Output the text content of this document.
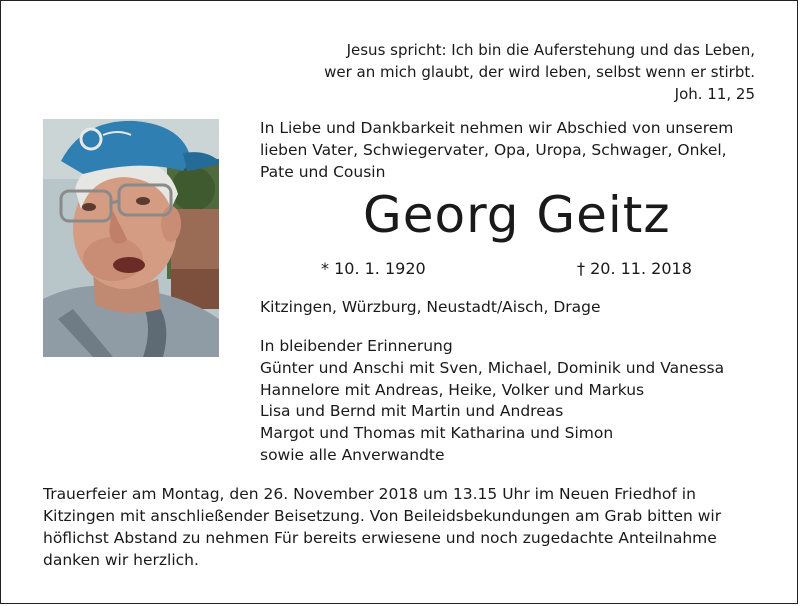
Jesus spricht: Ich bin die Auferstehung und das Leben,
wer an mich glaubt, der wird leben, selbst wenn er stirbt.
Joh. 11, 25
In Liebe und Dankbarkeit nehmen wir Abschied von unserem
lieben Vater, Schwiegervater, Opa, Uropa, Schwager, Onkel,
Pate und Cousin
Georg Geitz
* 10. 1. 1920	† 20. 11. 2018
Kitzingen, Würzburg, Neustadt/Aisch, Drage
In bleibender Erinnerung
Günter und Anschi mit Sven, Michael, Dominik und Vanessa
Hannelore mit Andreas, Heike, Volker und Markus
Lisa und Bernd mit Martin und Andreas
Margot und Thomas mit Katharina und Simon
sowie alle Anverwandte
Trauerfeier am Montag, den 26. November 2018 um 13.15 Uhr im Neuen Friedhof in
Kitzingen mit anschließender Beisetzung. Von Beileidsbekundungen am Grab bitten wir
höflichst Abstand zu nehmen Für bereits erwiesene und noch zugedachte Anteilnahme
danken wir herzlich.
